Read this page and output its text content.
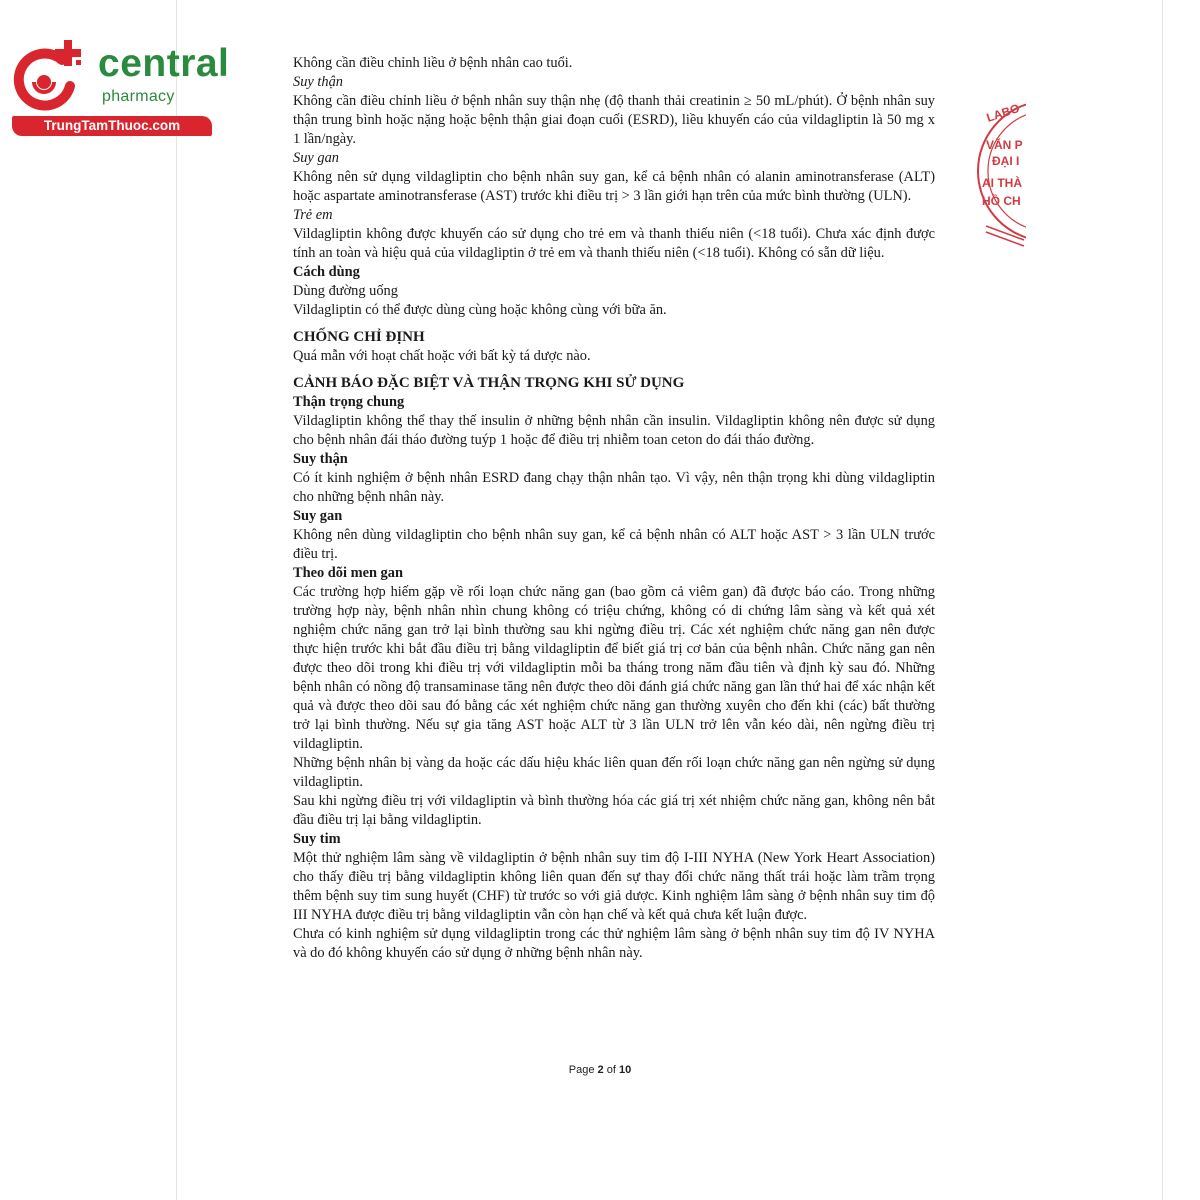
central
pharmacy
TrungTamThuoc.com
LABO
VĂN P
ĐẠI I
AI THÀ
HỒ CH

Không cần điều chỉnh liều ở bệnh nhân cao tuổi.

Suy thận

Không cần điều chỉnh liều ở bệnh nhân suy thận nhẹ (độ thanh thải creatinin ≥ 50 mL/phút). Ở bệnh nhân suy thận trung bình hoặc nặng hoặc bệnh thận giai đoạn cuối (ESRD), liều khuyến cáo của vildagliptin là 50 mg x 1 lần/ngày.

Suy gan

Không nên sử dụng vildagliptin cho bệnh nhân suy gan, kể cả bệnh nhân có alanin aminotransferase (ALT) hoặc aspartate aminotransferase (AST) trước khi điều trị > 3 lần giới hạn trên của mức bình thường (ULN).

Trẻ em

Vildagliptin không được khuyến cáo sử dụng cho trẻ em và thanh thiếu niên (<18 tuổi). Chưa xác định được tính an toàn và hiệu quả của vildagliptin ở trẻ em và thanh thiếu niên (<18 tuổi). Không có sẵn dữ liệu.

Cách dùng

Dùng đường uống

Vildagliptin có thể được dùng cùng hoặc không cùng với bữa ăn.

CHỐNG CHỈ ĐỊNH

Quá mẫn với hoạt chất hoặc với bất kỳ tá dược nào.

CẢNH BÁO ĐẶC BIỆT VÀ THẬN TRỌNG KHI SỬ DỤNG

Thận trọng chung

Vildagliptin không thể thay thế insulin ở những bệnh nhân cần insulin. Vildagliptin không nên được sử dụng cho bệnh nhân đái tháo đường tuýp 1 hoặc để điều trị nhiễm toan ceton do đái tháo đường.

Suy thận

Có ít kinh nghiệm ở bệnh nhân ESRD đang chạy thận nhân tạo. Vì vậy, nên thận trọng khi dùng vildagliptin cho những bệnh nhân này.

Suy gan

Không nên dùng vildagliptin cho bệnh nhân suy gan, kể cả bệnh nhân có ALT hoặc AST > 3 lần ULN trước điều trị.

Theo dõi men gan

Các trường hợp hiếm gặp về rối loạn chức năng gan (bao gồm cả viêm gan) đã được báo cáo. Trong những trường hợp này, bệnh nhân nhìn chung không có triệu chứng, không có di chứng lâm sàng và kết quả xét nghiệm chức năng gan trở lại bình thường sau khi ngừng điều trị. Các xét nghiệm chức năng gan nên được thực hiện trước khi bắt đầu điều trị bằng vildagliptin để biết giá trị cơ bản của bệnh nhân. Chức năng gan nên được theo dõi trong khi điều trị với vildagliptin mỗi ba tháng trong năm đầu tiên và định kỳ sau đó. Những bệnh nhân có nồng độ transaminase tăng nên được theo dõi đánh giá chức năng gan lần thứ hai để xác nhận kết quả và được theo dõi sau đó bằng các xét nghiệm chức năng gan thường xuyên cho đến khi (các) bất thường trở lại bình thường. Nếu sự gia tăng AST hoặc ALT từ 3 lần ULN trở lên vẫn kéo dài, nên ngừng điều trị vildagliptin.

Những bệnh nhân bị vàng da hoặc các dấu hiệu khác liên quan đến rối loạn chức năng gan nên ngừng sử dụng vildagliptin.

Sau khi ngừng điều trị với vildagliptin và bình thường hóa các giá trị xét nhiệm chức năng gan, không nên bắt đầu điều trị lại bằng vildagliptin.

Suy tim

Một thử nghiệm lâm sàng về vildagliptin ở bệnh nhân suy tim độ I-III NYHA (New York Heart Association) cho thấy điều trị bằng vildagliptin không liên quan đến sự thay đổi chức năng thất trái hoặc làm trầm trọng thêm bệnh suy tim sung huyết (CHF) từ trước so với giả dược. Kinh nghiệm lâm sàng ở bệnh nhân suy tim độ III NYHA được điều trị bằng vildagliptin vẫn còn hạn chế và kết quả chưa kết luận được.

Chưa có kinh nghiệm sử dụng vildagliptin trong các thử nghiệm lâm sàng ở bệnh nhân suy tim độ IV NYHA và do đó không khuyến cáo sử dụng ở những bệnh nhân này.

Page 2 of 10
